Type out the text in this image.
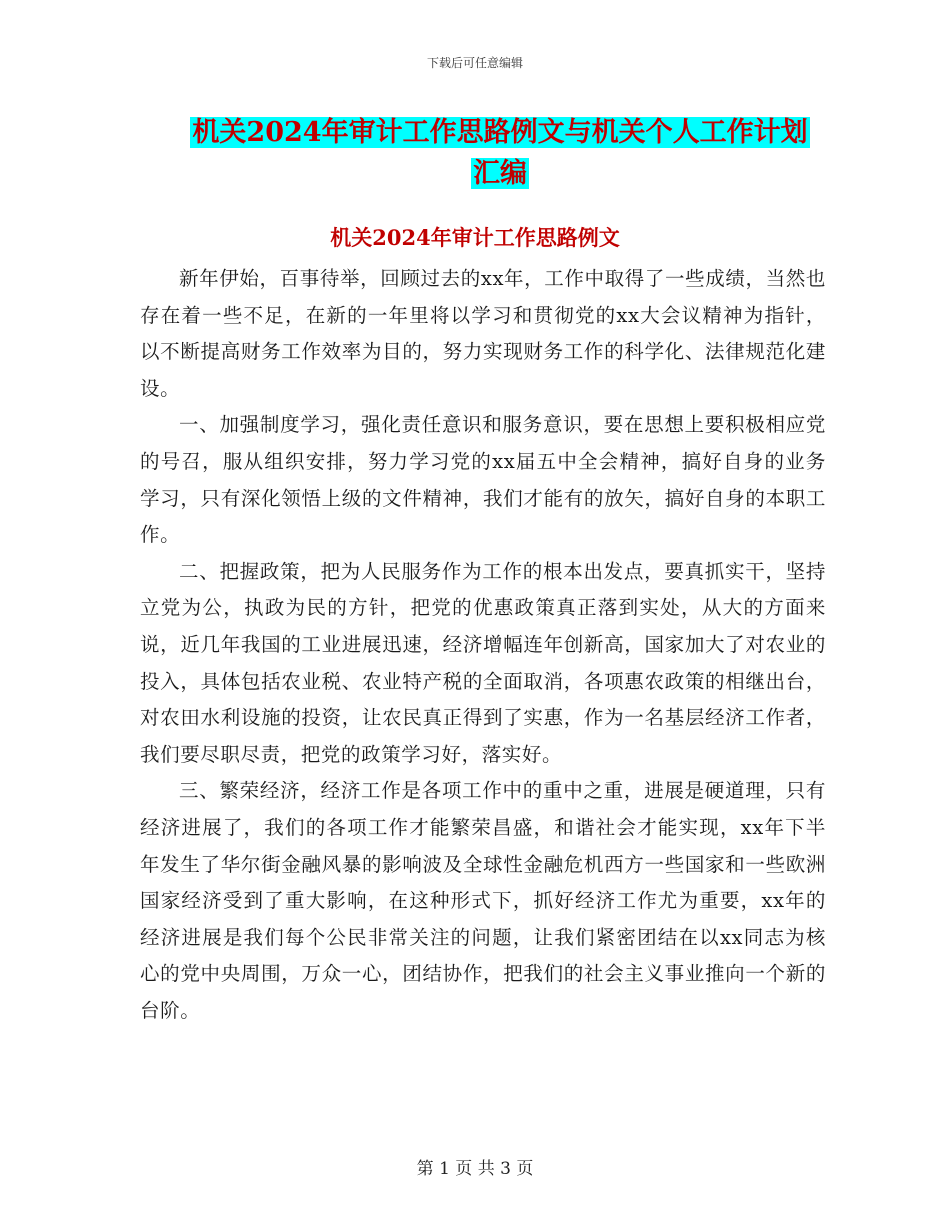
下载后可任意编辑
机关2024年审计工作思路例文与机关个人工作计划汇编
机关2024年审计工作思路例文

新年伊始，百事待举，回顾过去的xx年，工作中取得了一些成绩，当然也存在着一些不足，在新的一年里将以学习和贯彻党的xx大会议精神为指针，以不断提高财务工作效率为目的，努力实现财务工作的科学化、法律规范化建设。

一、加强制度学习，强化责任意识和服务意识，要在思想上要积极相应党的号召，服从组织安排，努力学习党的xx届五中全会精神，搞好自身的业务学习，只有深化领悟上级的文件精神，我们才能有的放矢，搞好自身的本职工作。

二、把握政策，把为人民服务作为工作的根本出发点，要真抓实干，坚持立党为公，执政为民的方针，把党的优惠政策真正落到实处，从大的方面来说，近几年我国的工业进展迅速，经济增幅连年创新高，国家加大了对农业的投入，具体包括农业税、农业特产税的全面取消，各项惠农政策的相继出台，对农田水利设施的投资，让农民真正得到了实惠，作为一名基层经济工作者，我们要尽职尽责，把党的政策学习好，落实好。

三、繁荣经济，经济工作是各项工作中的重中之重，进展是硬道理，只有经济进展了，我们的各项工作才能繁荣昌盛，和谐社会才能实现，xx年下半年发生了华尔街金融风暴的影响波及全球性金融危机西方一些国家和一些欧洲国家经济受到了重大影响，在这种形式下，抓好经济工作尤为重要，xx年的经济进展是我们每个公民非常关注的问题，让我们紧密团结在以xx同志为核心的党中央周围，万众一心，团结协作，把我们的社会主义事业推向一个新的台阶。

第 1 页 共 3 页
